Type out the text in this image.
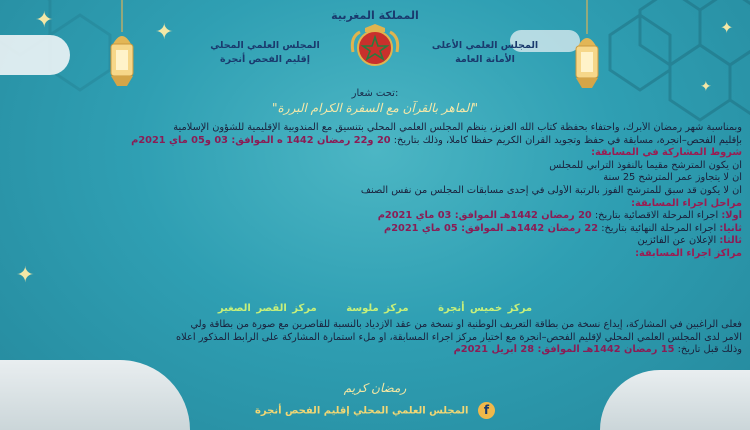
✦	✦
✦
✦
✦
المملكة المغربية
المجلس العلمي الأعلى
الأمانة العامة
المجلس العلمي المحلي
إقليم الفحص أنجرة
تحت شعار:
"الماهر بالقرآن مع السفرة الكرام البررة"
وبمناسبة شهر رمضان الأبرك، واحتفاء بحفظة كتاب الله العزيز، ينظم المجلس العلمي المحلي بتنسيق مع المندوبية الإقليمية للشؤون الإسلامية
بإقليم الفحص–أنجرة، مسابقة في حفظ وتجويد القرآن الكريم حفظا كاملا، وذلك بتاريخ: 20 و22 رمضان 1442 ه الموافق: 03 و05 ماي 2021م
شروط المشاركة في المسابقة:
أن يكون المترشح مقيما بالنفوذ الترابي للمجلس
أن لا يتجاوز عمر المترشح 25 سنة
أن لا يكون قد سبق للمترشح الفوز بالرتبة الأولى في إحدى مسابقات المجلس من نفس الصنف
مراحل اجراء المسابقة:
أولا: اجراء المرحلة الاقصائية بتاريخ: 20 رمضان 1442هـ الموافق: 03 ماي 2021م
ثانيا: اجراء المرحلة النهائية بتاريخ: 22 رمضان 1442هـ الموافق: 05 ماي 2021م
ثالثا: الإعلان عن الفائزين
مراكز اجراء المسابقة:
مركز خميس أنجرة مركز ملوسة مركز القصر الصغير
فعلى الراغبين في المشاركة، إيداع نسخة من بطاقة التعريف الوطنية أو نسخة من عقد الازدياد بالنسبة للقاصرين مع صورة من بطاقة ولي
الامر لدى المجلس العلمي المحلي لإقليم الفحص–أنجرة مع اختيار مركز اجراء المسابقة، أو ملء استمارة المشاركة على الرابط المذكور أعلاه
وذلك قبل تاريخ: 15 رمضان 1442هـ الموافق: 28 أبريل 2021م
رمضان كريم
f المجلس العلمي المحلي إقليم الفحص أنجرة
